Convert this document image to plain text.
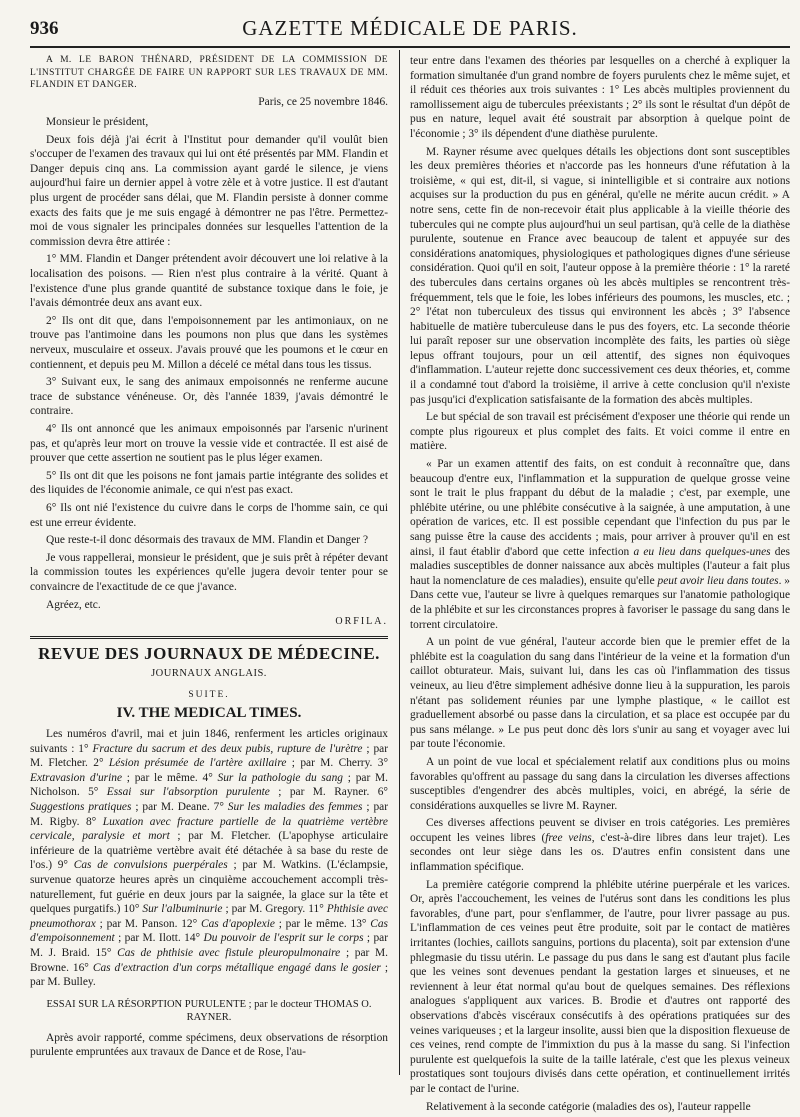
936	GAZETTE MÉDICALE DE PARIS.

A M. LE BARON THÉNARD, PRÉSIDENT DE LA COMMISSION DE L'INSTITUT CHARGÉE DE FAIRE UN RAPPORT SUR LES TRAVAUX DE MM. FLANDIN ET DANGER.

Paris, ce 25 novembre 1846.

Monsieur le président,

Deux fois déjà j'ai écrit à l'Institut pour demander qu'il voulût bien s'occuper de l'examen des travaux qui lui ont été présentés par MM. Flandin et Danger depuis cinq ans. La commission ayant gardé le silence, je viens aujourd'hui faire un dernier appel à votre zèle et à votre justice. Il est d'autant plus urgent de procéder sans délai, que M. Flandin persiste à donner comme exacts des faits que je me suis engagé à démontrer ne pas l'être. Permettez-moi de vous signaler les principales données sur lesquelles l'attention de la commission devra être attirée :

1° MM. Flandin et Danger prétendent avoir découvert une loi relative à la localisation des poisons. — Rien n'est plus contraire à la vérité. Quant à l'existence d'une plus grande quantité de substance toxique dans le foie, je l'avais démontrée deux ans avant eux.

2° Ils ont dit que, dans l'empoisonnement par les antimoniaux, on ne trouve pas l'antimoine dans les poumons non plus que dans les systèmes nerveux, musculaire et osseux. J'avais prouvé que les poumons et le cœur en contiennent, et depuis peu M. Millon a décelé ce métal dans tous les tissus.

3° Suivant eux, le sang des animaux empoisonnés ne renferme aucune trace de substance vénéneuse. Or, dès l'année 1839, j'avais démontré le contraire.

4° Ils ont annoncé que les animaux empoisonnés par l'arsenic n'urinent pas, et qu'après leur mort on trouve la vessie vide et contractée. Il est aisé de prouver que cette assertion ne soutient pas le plus léger examen.

5° Ils ont dit que les poisons ne font jamais partie intégrante des solides et des liquides de l'économie animale, ce qui n'est pas exact.

6° Ils ont nié l'existence du cuivre dans le corps de l'homme sain, ce qui est une erreur évidente.

Que reste-t-il donc désormais des travaux de MM. Flandin et Danger ?

Je vous rappellerai, monsieur le président, que je suis prêt à répéter devant la commission toutes les expériences qu'elle jugera devoir tenter pour se convaincre de l'exactitude de ce que j'avance.

Agréez, etc.

ORFILA.
REVUE DES JOURNAUX DE MÉDECINE.
JOURNAUX ANGLAIS.
SUITE.
IV. THE MEDICAL TIMES.

Les numéros d'avril, mai et juin 1846, renferment les articles originaux suivants : 1° Fracture du sacrum et des deux pubis, rupture de l'urètre ; par M. Fletcher. 2° Lésion présumée de l'artère axillaire ; par M. Cherry. 3° Extravasion d'urine ; par le même. 4° Sur la pathologie du sang ; par M. Nicholson. 5° Essai sur l'absorption purulente ; par M. Rayner. 6° Suggestions pratiques ; par M. Deane. 7° Sur les maladies des femmes ; par M. Rigby. 8° Luxation avec fracture partielle de la quatrième vertèbre cervicale, paralysie et mort ; par M. Fletcher. (L'apophyse articulaire inférieure de la quatrième vertèbre avait été détachée à sa base du reste de l'os.) 9° Cas de convulsions puerpérales ; par M. Watkins. (L'éclampsie, survenue quatorze heures après un cinquième accouchement accompli très-naturellement, fut guérie en deux jours par la saignée, la glace sur la tête et quelques purgatifs.) 10° Sur l'albuminurie ; par M. Gregory. 11° Phthisie avec pneumothorax ; par M. Panson. 12° Cas d'apoplexie ; par le même. 13° Cas d'empoisonnement ; par M. Ilott. 14° Du pouvoir de l'esprit sur le corps ; par M. J. Braid. 15° Cas de phthisie avec fistule pleuropulmonaire ; par M. Browne. 16° Cas d'extraction d'un corps métallique engagé dans le gosier ; par M. Bulley.

ESSAI SUR LA RÉSORPTION PURULENTE ; par le docteur THOMAS O. RAYNER.

Après avoir rapporté, comme spécimens, deux observations de résorption purulente empruntées aux travaux de Dance et de Rose, l'au-

teur entre dans l'examen des théories par lesquelles on a cherché à expliquer la formation simultanée d'un grand nombre de foyers purulents chez le même sujet, et il réduit ces théories aux trois suivantes : 1° Les abcès multiples proviennent du ramollissement aigu de tubercules préexistants ; 2° ils sont le résultat d'un dépôt de pus en nature, lequel avait été soustrait par absorption à quelque point de l'économie ; 3° ils dépendent d'une diathèse purulente.

M. Rayner résume avec quelques détails les objections dont sont susceptibles les deux premières théories et n'accorde pas les honneurs d'une réfutation à la troisième, « qui est, dit-il, si vague, si inintelligible et si contraire aux notions acquises sur la production du pus en général, qu'elle ne mérite aucun crédit. » A notre sens, cette fin de non-recevoir était plus applicable à la vieille théorie des tubercules qui ne compte plus aujourd'hui un seul partisan, qu'à celle de la diathèse purulente, soutenue en France avec beaucoup de talent et appuyée sur des considérations anatomiques, physiologiques et pathologiques dignes d'une sérieuse considération. Quoi qu'il en soit, l'auteur oppose à la première théorie : 1° la rareté des tubercules dans certains organes où les abcès multiples se rencontrent très-fréquemment, tels que le foie, les lobes inférieurs des poumons, les muscles, etc. ; 2° l'état non tuberculeux des tissus qui environnent les abcès ; 3° l'absence habituelle de matière tuberculeuse dans le pus des foyers, etc. La seconde théorie lui paraît reposer sur une observation incomplète des faits, les parties où siège lepus offrant toujours, pour un œil attentif, des signes non équivoques d'inflammation. L'auteur rejette donc successivement ces deux théories, et, comme il a condamné tout d'abord la troisième, il arrive à cette conclusion qu'il n'existe pas jusqu'ici d'explication satisfaisante de la formation des abcès multiples.

Le but spécial de son travail est précisément d'exposer une théorie qui rende un compte plus rigoureux et plus complet des faits. Et voici comme il entre en matière.

« Par un examen attentif des faits, on est conduit à reconnaître que, dans beaucoup d'entre eux, l'inflammation et la suppuration de quelque grosse veine sont le trait le plus frappant du début de la maladie ; c'est, par exemple, une phlébite utérine, ou une phlébite consécutive à la saignée, à une amputation, à une opération de varices, etc. Il est possible cependant que l'infection du pus par le sang puisse être la cause des accidents ; mais, pour arriver à prouver qu'il en est ainsi, il faut établir d'abord que cette infection a eu lieu dans quelques-unes des maladies susceptibles de donner naissance aux abcès multiples (l'auteur a fait plus haut la nomenclature de ces maladies), ensuite qu'elle peut avoir lieu dans toutes. » Dans cette vue, l'auteur se livre à quelques remarques sur l'anatomie pathologique de la phlébite et sur les circonstances propres à favoriser le passage du sang dans le torrent circulatoire.

A un point de vue général, l'auteur accorde bien que le premier effet de la phlébite est la coagulation du sang dans l'intérieur de la veine et la formation d'un caillot obturateur. Mais, suivant lui, dans les cas où l'inflammation des tissus veineux, au lieu d'être simplement adhésive donne lieu à la suppuration, les parois n'étant pas solidement réunies par une lymphe plastique, « le caillot est graduellement absorbé ou passe dans la circulation, et sa place est occupée par du pus sans mélange. » Le pus peut donc dès lors s'unir au sang et voyager avec lui par toute l'économie.

A un point de vue local et spécialement relatif aux conditions plus ou moins favorables qu'offrent au passage du sang dans la circulation les diverses affections susceptibles d'engendrer des abcès multiples, voici, en abrégé, la série de considérations auxquelles se livre M. Rayner.

Ces diverses affections peuvent se diviser en trois catégories. Les premières occupent les veines libres (free veins, c'est-à-dire libres dans leur trajet). Les secondes ont leur siège dans les os. D'autres enfin consistent dans une inflammation spécifique.

La première catégorie comprend la phlébite utérine puerpérale et les varices. Or, après l'accouchement, les veines de l'utérus sont dans les conditions les plus favorables, d'une part, pour s'enflammer, de l'autre, pour livrer passage au pus. L'inflammation de ces veines peut être produite, soit par le contact de matières irritantes (lochies, caillots sanguins, portions du placenta), soit par extension d'une phlegmasie du tissu utérin. Le passage du pus dans le sang est d'autant plus facile que les veines sont devenues pendant la gestation larges et sinueuses, et ne reviennent à leur état normal qu'au bout de quelques semaines. Des réflexions analogues s'appliquent aux varices. B. Brodie et d'autres ont rapporté des observations d'abcès viscéraux consécutifs à des opérations pratiquées sur des veines variqueuses ; et la largeur insolite, aussi bien que la disposition flexueuse de ces veines, rend compte de l'immixtion du pus à la masse du sang. Si l'infection purulente est quelquefois la suite de la taille latérale, c'est que les plexus veineux prostatiques sont toujours divisés dans cette opération, et continuellement irrités par le contact de l'urine.

Relativement à la seconde catégorie (maladies des os), l'auteur rappelle
